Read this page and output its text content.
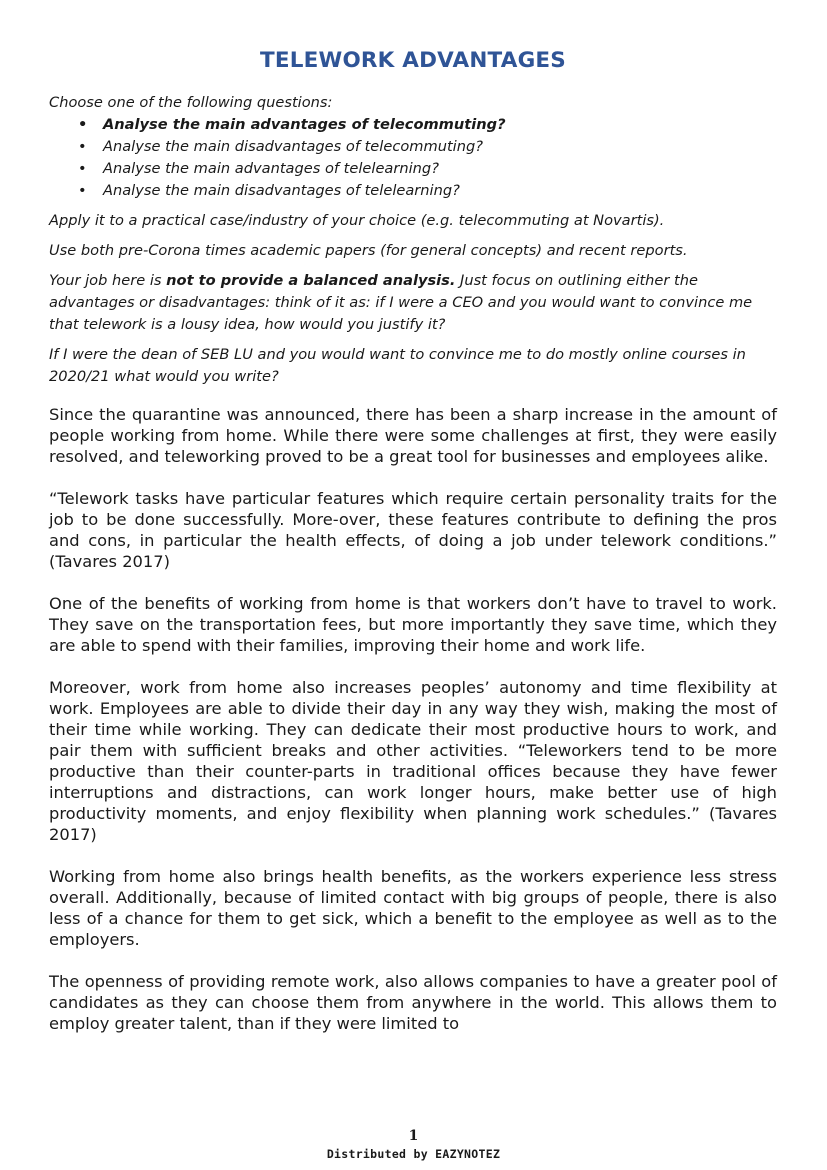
TELEWORK ADVANTAGES

Choose one of the following questions:

• Analyse the main advantages of telecommuting?
• Analyse the main disadvantages of telecommuting?
• Analyse the main advantages of telelearning?
• Analyse the main disadvantages of telelearning?

Apply it to a practical case/industry of your choice (e.g. telecommuting at Novartis).

Use both pre-Corona times academic papers (for general concepts) and recent reports.

Your job here is not to provide a balanced analysis. Just focus on outlining either the advantages or disadvantages: think of it as: if I were a CEO and you would want to convince me that telework is a lousy idea, how would you justify it?

If I were the dean of SEB LU and you would want to convince me to do mostly online courses in 2020/21 what would you write?

Since the quarantine was announced, there has been a sharp increase in the amount of people working from home. While there were some challenges at first, they were easily resolved, and teleworking proved to be a great tool for businesses and employees alike.

“Telework tasks have particular features which require certain personality traits for the job to be done successfully. More-over, these features contribute to defining the pros and cons, in particular the health effects, of doing a job under telework conditions.” (Tavares 2017)

One of the benefits of working from home is that workers don’t have to travel to work. They save on the transportation fees, but more importantly they save time, which they are able to spend with their families, improving their home and work life.

Moreover, work from home also increases peoples’ autonomy and time flexibility at work. Employees are able to divide their day in any way they wish, making the most of their time while working. They can dedicate their most productive hours to work, and pair them with sufficient breaks and other activities. “Teleworkers tend to be more productive than their counter-parts in traditional offices because they have fewer interruptions and distractions, can work longer hours, make better use of high productivity moments, and enjoy flexibility when planning work schedules.” (Tavares 2017)

Working from home also brings health benefits, as the workers experience less stress overall. Additionally, because of limited contact with big groups of people, there is also less of a chance for them to get sick, which a benefit to the employee as well as to the employers.

The openness of providing remote work, also allows companies to have a greater pool of candidates as they can choose them from anywhere in the world. This allows them to employ greater talent, than if they were limited to

1
Distributed by EAZYNOTEZ
